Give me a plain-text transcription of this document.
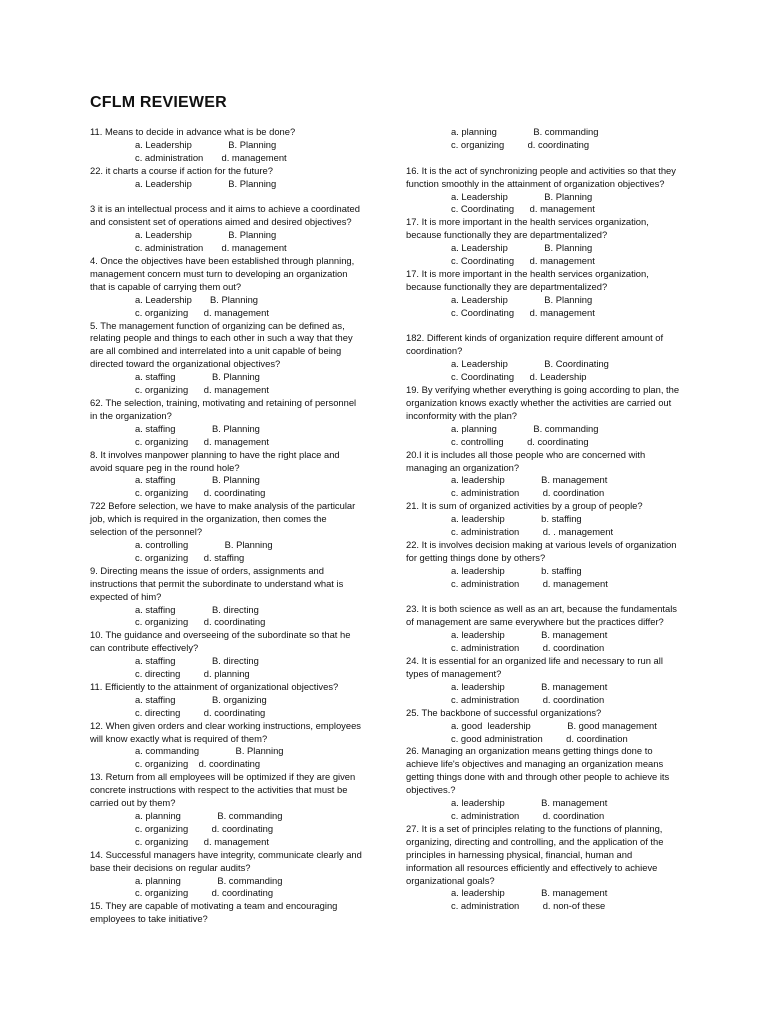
CFLM REVIEWER

11. Means to decide in advance what is be done?

a. Leadership              B. Planning

c. administration       d. management

22. it charts a course if action for the future?

a. Leadership              B. Planning

3 it is an intellectual process and it aims to achieve a coordinated

and consistent set of operations aimed and desired objectives?

a. Leadership              B. Planning

c. administration       d. management

4. Once the objectives have been established through planning,

management concern must turn to developing an organization

that is capable of carrying them out?

a. Leadership       B. Planning

c. organizing      d. management

5. The management function of organizing can be defined as,

relating people and things to each other in such a way that they

are all combined and interrelated into a unit capable of being

directed toward the organizational objectives?

a. staffing              B. Planning

c. organizing      d. management

62. The selection, training, motivating and retaining of personnel

in the organization?

a. staffing              B. Planning

c. organizing      d. management

8. It involves manpower planning to have the right place and

avoid square peg in the round hole?

a. staffing              B. Planning

c. organizing      d. coordinating

722 Before selection, we have to make analysis of the particular

job, which is required in the organization, then comes the

selection of the personnel?

a. controlling              B. Planning

c. organizing      d. staffing

9. Directing means the issue of orders, assignments and

instructions that permit the subordinate to understand what is

expected of him?

a. staffing              B. directing

c. organizing      d. coordinating

10. The guidance and overseeing of the subordinate so that he

can contribute effectively?

a. staffing              B. directing

c. directing         d. planning

11. Efficiently to the attainment of organizational objectives?

a. staffing              B. organizing

c. directing         d. coordinating

12. When given orders and clear working instructions, employees

will know exactly what is required of them?

a. commanding              B. Planning

c. organizing    d. coordinating

13. Return from all employees will be optimized if they are given

concrete instructions with respect to the activities that must be

carried out by them?

a. planning              B. commanding

c. organizing         d. coordinating

c. organizing      d. management

14. Successful managers have integrity, communicate clearly and

base their decisions on regular audits?

a. planning              B. commanding

c. organizing         d. coordinating

15. They are capable of motivating a team and encouraging

employees to take initiative?

a. planning              B. commanding

c. organizing         d. coordinating

16. It is the act of synchronizing people and activities so that they

function smoothly in the attainment of organization objectives?

a. Leadership              B. Planning

c. Coordinating      d. management

17. It is more important in the health services organization,

because functionally they are departmentalized?

a. Leadership              B. Planning

c. Coordinating      d. management

17. It is more important in the health services organization,

because functionally they are departmentalized?

a. Leadership              B. Planning

c. Coordinating      d. management

182. Different kinds of organization require different amount of

coordination?

a. Leadership              B. Coordinating

c. Coordinating      d. Leadership

19. By verifying whether everything is going according to plan, the

organization knows exactly whether the activities are carried out

inconformity with the plan?

a. planning              B. commanding

c. controlling         d. coordinating

20.I it is includes all those people who are concerned with

managing an organization?

a. leadership              B. management

c. administration         d. coordination

21. It is sum of organized activities by a group of people?

a. leadership              b. staffing

c. administration         d. . management

22. It is involves decision making at various levels of organization

for getting things done by others?

a. leadership              b. staffing

c. administration         d. management

23. It is both science as well as an art, because the fundamentals

of management are same everywhere but the practices differ?

a. leadership              B. management

c. administration         d. coordination

24. It is essential for an organized life and necessary to run all

types of management?

a. leadership              B. management

c. administration         d. coordination

25. The backbone of successful organizations?

a. good  leadership              B. good management

c. good administration         d. coordination

26. Managing an organization means getting things done to

achieve life's objectives and managing an organization means

getting things done with and through other people to achieve its

objectives.?

a. leadership              B. management

c. administration         d. coordination

27. It is a set of principles relating to the functions of planning,

organizing, directing and controlling, and the application of the

principles in harnessing physical, financial, human and

information all resources efficiently and effectively to achieve

organizational goals?

a. leadership              B. management

c. administration         d. non-of these
